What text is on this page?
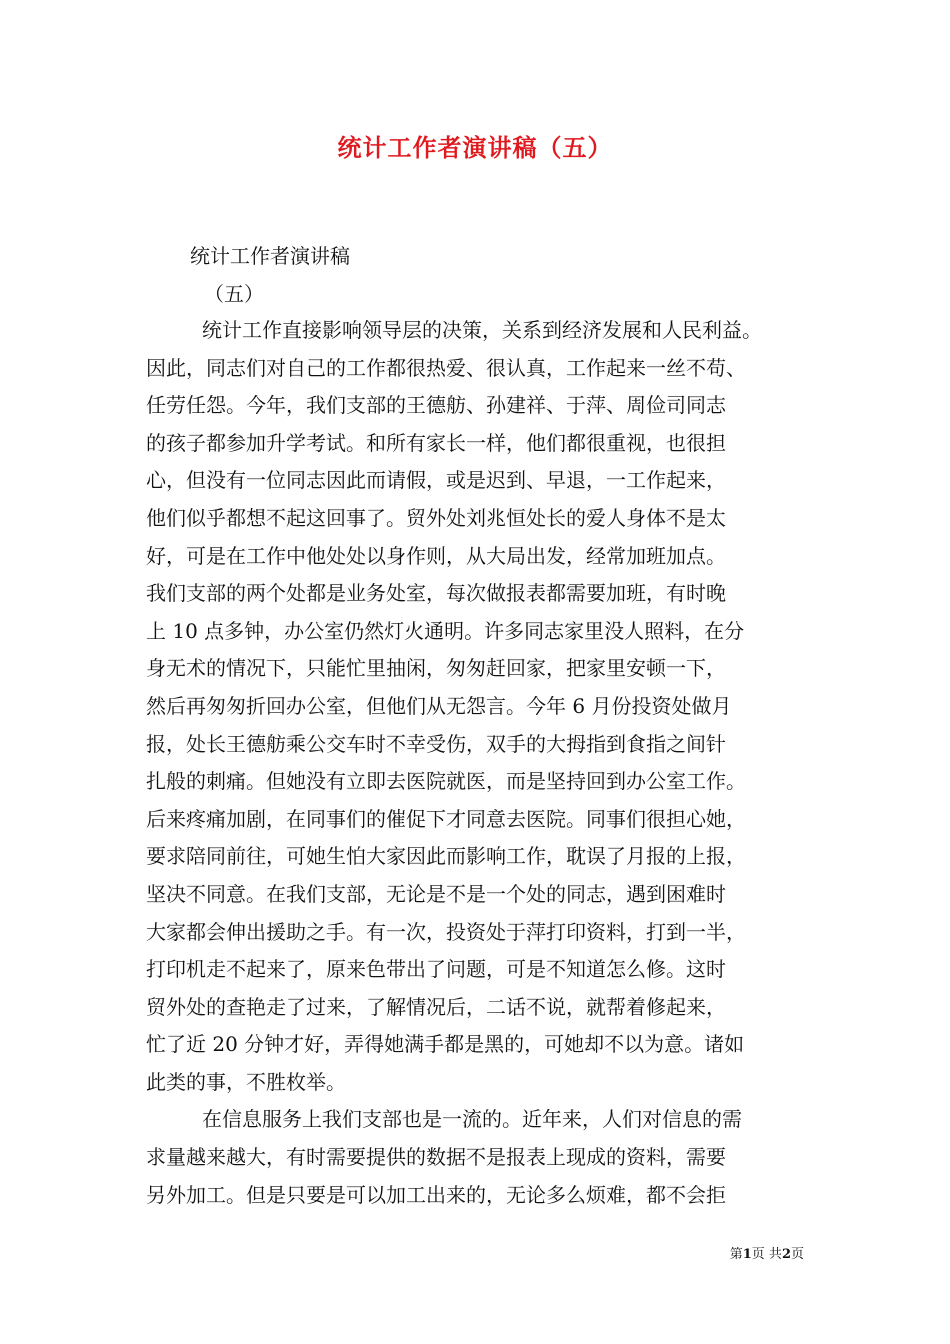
统计工作者演讲稿（五）
统计工作者演讲稿
（五）
统计工作直接影响领导层的决策，关系到经济发展和人民利益。
因此，同志们对自己的工作都很热爱、很认真，工作起来一丝不苟、
任劳任怨。今年，我们支部的王德舫、孙建祥、于萍、周俭司同志
的孩子都参加升学考试。和所有家长一样，他们都很重视，也很担
心，但没有一位同志因此而请假，或是迟到、早退，一工作起来，
他们似乎都想不起这回事了。贸外处刘兆恒处长的爱人身体不是太
好，可是在工作中他处处以身作则，从大局出发，经常加班加点。
我们支部的两个处都是业务处室，每次做报表都需要加班，有时晚
上 10 点多钟，办公室仍然灯火通明。许多同志家里没人照料，在分
身无术的情况下，只能忙里抽闲，匆匆赶回家，把家里安顿一下，
然后再匆匆折回办公室，但他们从无怨言。今年 6 月份投资处做月
报，处长王德舫乘公交车时不幸受伤，双手的大拇指到食指之间针
扎般的刺痛。但她没有立即去医院就医，而是坚持回到办公室工作。
后来疼痛加剧，在同事们的催促下才同意去医院。同事们很担心她，
要求陪同前往，可她生怕大家因此而影响工作，耽误了月报的上报，
坚决不同意。在我们支部，无论是不是一个处的同志，遇到困难时
大家都会伸出援助之手。有一次，投资处于萍打印资料，打到一半，
打印机走不起来了，原来色带出了问题，可是不知道怎么修。这时
贸外处的查艳走了过来，了解情况后，二话不说，就帮着修起来，
忙了近 20 分钟才好，弄得她满手都是黑的，可她却不以为意。诸如
此类的事，不胜枚举。
在信息服务上我们支部也是一流的。近年来，人们对信息的需
求量越来越大，有时需要提供的数据不是报表上现成的资料，需要
另外加工。但是只要是可以加工出来的，无论多么烦难，都不会拒
第1页 共2页
